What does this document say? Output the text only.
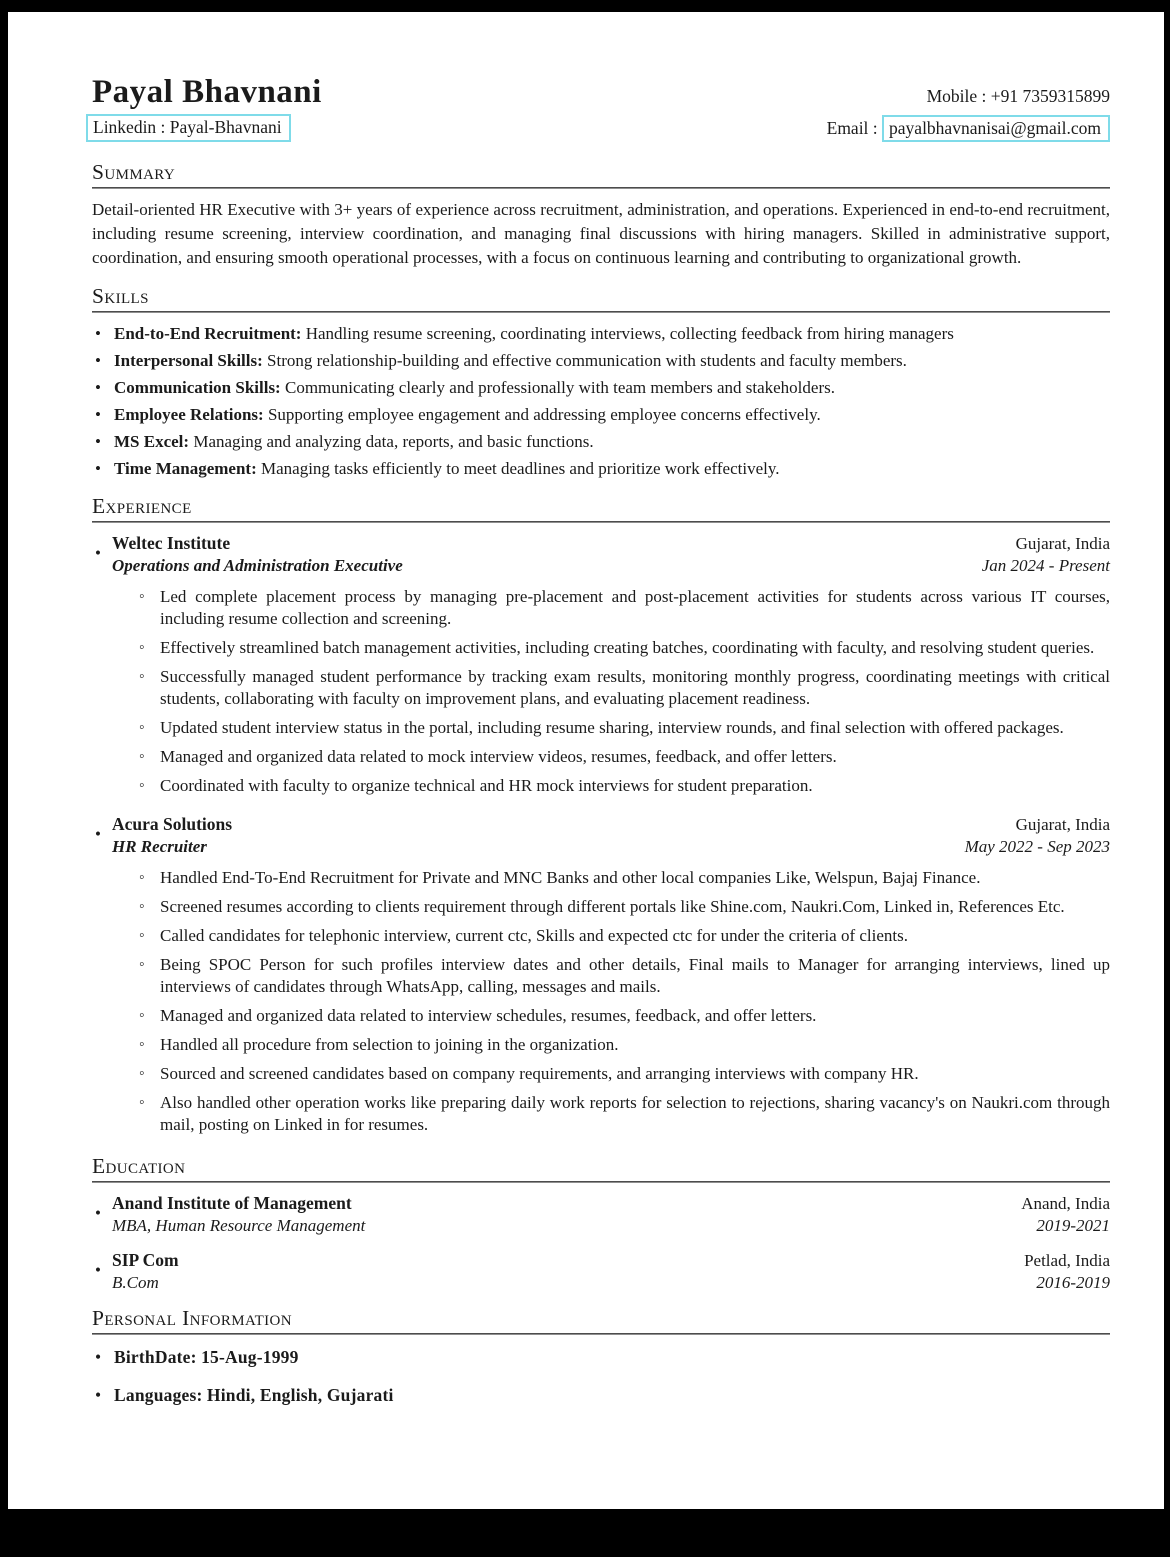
Payal Bhavnani	Mobile : +91 7359315899
Linkedin : Payal-Bhavnani	Email : payalbhavnanisai@gmail.com
Summary

Detail-oriented HR Executive with 3+ years of experience across recruitment, administration, and operations. Experienced in end-to-end recruitment, including resume screening, interview coordination, and managing final discussions with hiring managers. Skilled in administrative support, coordination, and ensuring smooth operational processes, with a focus on continuous learning and contributing to organizational growth.

Skills
• End-to-End Recruitment: Handling resume screening, coordinating interviews, collecting feedback from hiring managers
• Interpersonal Skills: Strong relationship-building and effective communication with students and faculty members.
• Communication Skills: Communicating clearly and professionally with team members and stakeholders.
• Employee Relations: Supporting employee engagement and addressing employee concerns effectively.
• MS Excel: Managing and analyzing data, reports, and basic functions.
• Time Management: Managing tasks efficiently to meet deadlines and prioritize work effectively.
Experience
•
Weltec Institute
Operations and Administration Executive
Gujarat, India
Jan 2024 - Present
◦ Led complete placement process by managing pre-placement and post-placement activities for students across various IT courses, including resume collection and screening.
◦ Effectively streamlined batch management activities, including creating batches, coordinating with faculty, and resolving student queries.
◦ Successfully managed student performance by tracking exam results, monitoring monthly progress, coordinating meetings with critical students, collaborating with faculty on improvement plans, and evaluating placement readiness.
◦ Updated student interview status in the portal, including resume sharing, interview rounds, and final selection with offered packages.
◦ Managed and organized data related to mock interview videos, resumes, feedback, and offer letters.
◦ Coordinated with faculty to organize technical and HR mock interviews for student preparation.
•
Acura Solutions
HR Recruiter
Gujarat, India
May 2022 - Sep 2023
◦ Handled End-To-End Recruitment for Private and MNC Banks and other local companies Like, Welspun, Bajaj Finance.
◦ Screened resumes according to clients requirement through different portals like Shine.com, Naukri.Com, Linked in, References Etc.
◦ Called candidates for telephonic interview, current ctc, Skills and expected ctc for under the criteria of clients.
◦ Being SPOC Person for such profiles interview dates and other details, Final mails to Manager for arranging interviews, lined up interviews of candidates through WhatsApp, calling, messages and mails.
◦ Managed and organized data related to interview schedules, resumes, feedback, and offer letters.
◦ Handled all procedure from selection to joining in the organization.
◦ Sourced and screened candidates based on company requirements, and arranging interviews with company HR.
◦ Also handled other operation works like preparing daily work reports for selection to rejections, sharing vacancy's on Naukri.com through mail, posting on Linked in for resumes.
Education
•
Anand Institute of Management
MBA, Human Resource Management
Anand, India
2019-2021
•
SIP Com
B.Com
Petlad, India
2016-2019
Personal Information
• BirthDate: 15-Aug-1999
• Languages: Hindi, English, Gujarati
